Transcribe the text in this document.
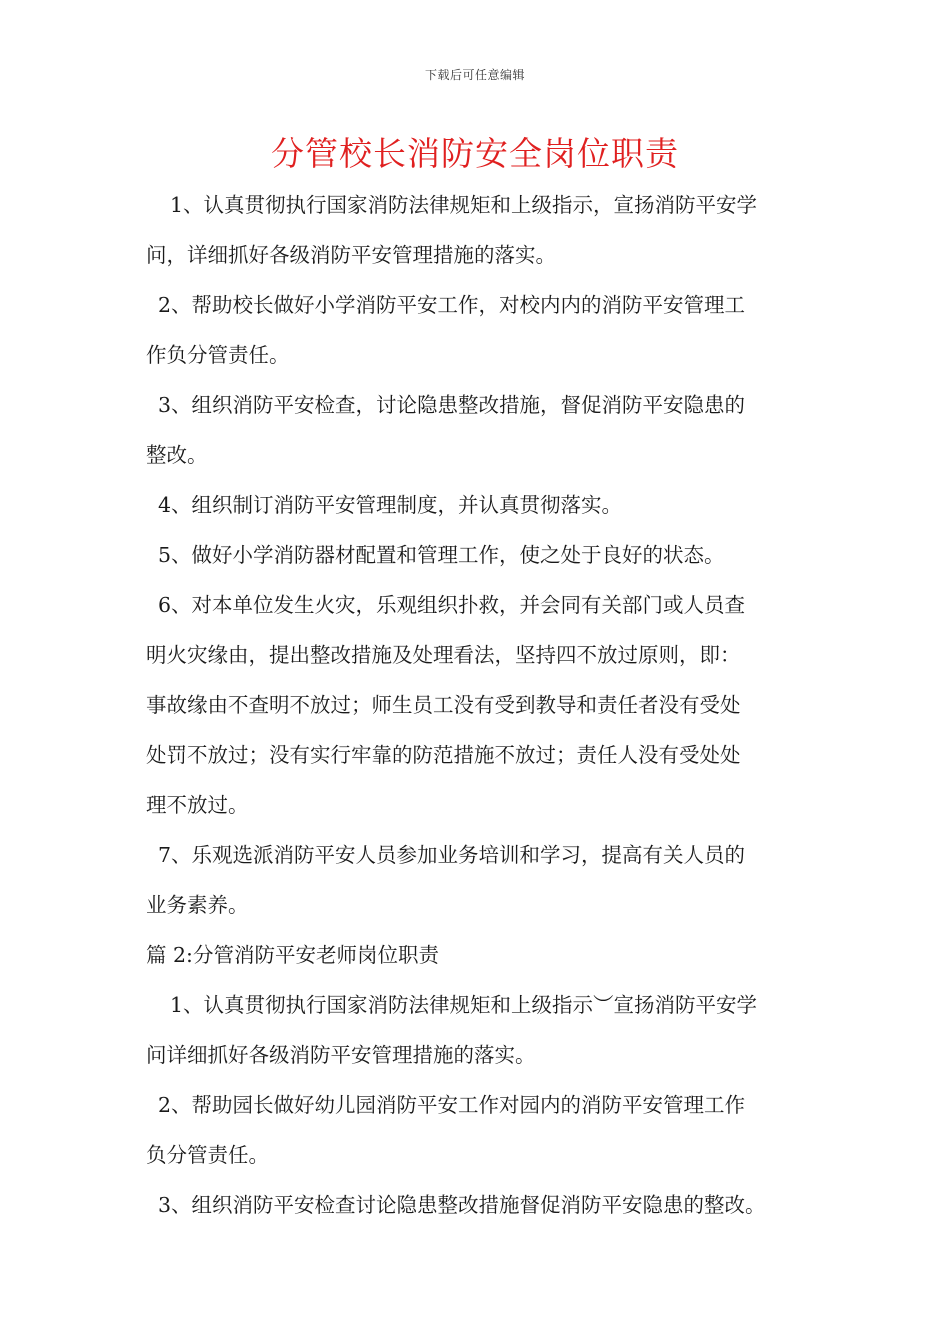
下载后可任意编辑
分管校长消防安全岗位职责

1、认真贯彻执行国家消防法律规矩和上级指示，宣扬消防平安学
问，详细抓好各级消防平安管理措施的落实。

2、帮助校长做好小学消防平安工作，对校内内的消防平安管理工
作负分管责任。

3、组织消防平安检查，讨论隐患整改措施，督促消防平安隐患的
整改。

4、组织制订消防平安管理制度，并认真贯彻落实。

5、做好小学消防器材配置和管理工作，使之处于良好的状态。

6、对本单位发生火灾，乐观组织扑救，并会同有关部门或人员查
明火灾缘由，提出整改措施及处理看法，坚持四不放过原则，即：
事故缘由不查明不放过；师生员工没有受到教导和责任者没有受处
处罚不放过；没有实行牢靠的防范措施不放过；责任人没有受处处
理不放过。

7、乐观选派消防平安人员参加业务培训和学习，提高有关人员的
业务素养。

篇 2:分管消防平安老师岗位职责

1、认真贯彻执行国家消防法律规矩和上级指示︶宣扬消防平安学
问详细抓好各级消防平安管理措施的落实。

2、帮助园长做好幼儿园消防平安工作对园内的消防平安管理工作
负分管责任。

3、组织消防平安检查讨论隐患整改措施督促消防平安隐患的整改。
